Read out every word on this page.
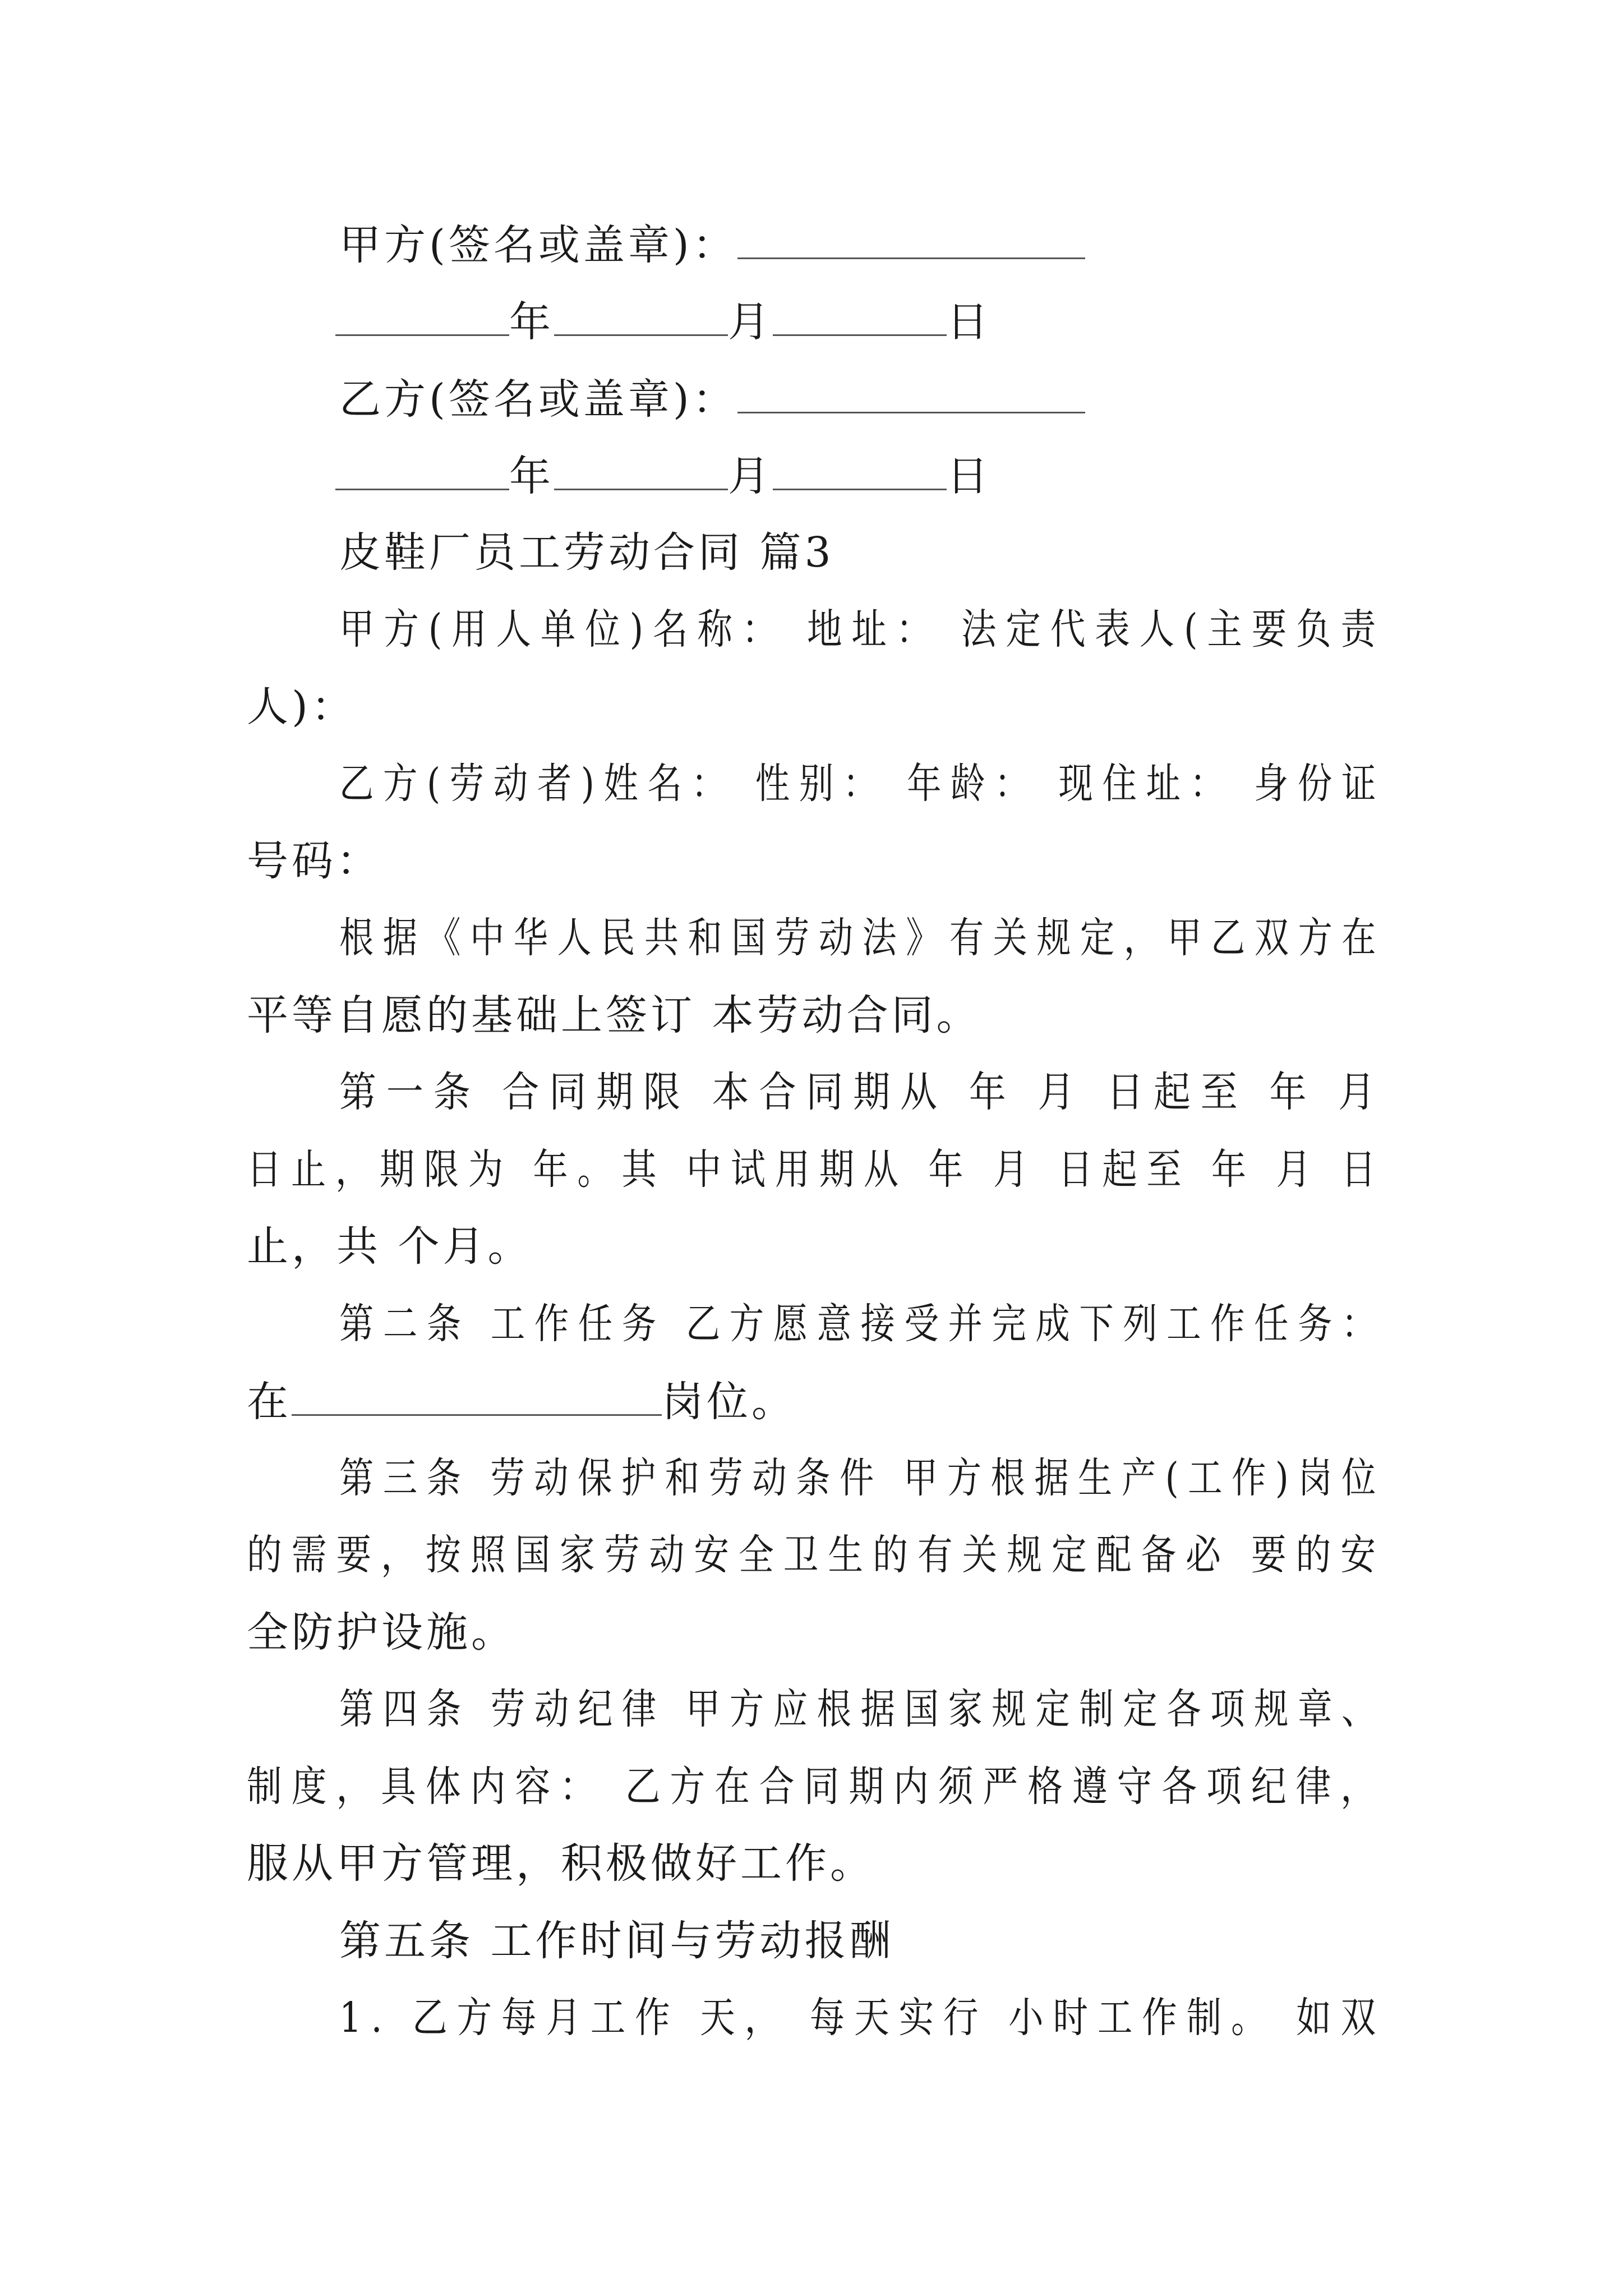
甲方(签名或盖章)：
年	月	日
乙方(签名或盖章)：
年	月	日
皮鞋厂员工劳动合同 篇3
甲方(用人单位)名称： 地址： 法定代表人(主要负责
人)：
乙方(劳动者)姓名： 性别： 年龄： 现住址： 身份证
号码：
根据《中华人民共和国劳动法》有关规定，甲乙双方在
平等自愿的基础上签订 本劳动合同。
第一条 合同期限 本合同期从 年 月 日起至 年 月
日止，期限为 年。其 中试用期从 年 月 日起至 年 月 日
止，共 个月。
第二条 工作任务 乙方愿意接受并完成下列工作任务：
在	岗位。
第三条 劳动保护和劳动条件 甲方根据生产(工作)岗位
的需要，按照国家劳动安全卫生的有关规定配备必 要的安
全防护设施。
第四条 劳动纪律 甲方应根据国家规定制定各项规章、
制度，具体内容： 乙方在合同期内须严格遵守各项纪律，
服从甲方管理，积极做好工作。
第五条 工作时间与劳动报酬
1. 乙方每月工作 天， 每天实行 小时工作制。 如双
